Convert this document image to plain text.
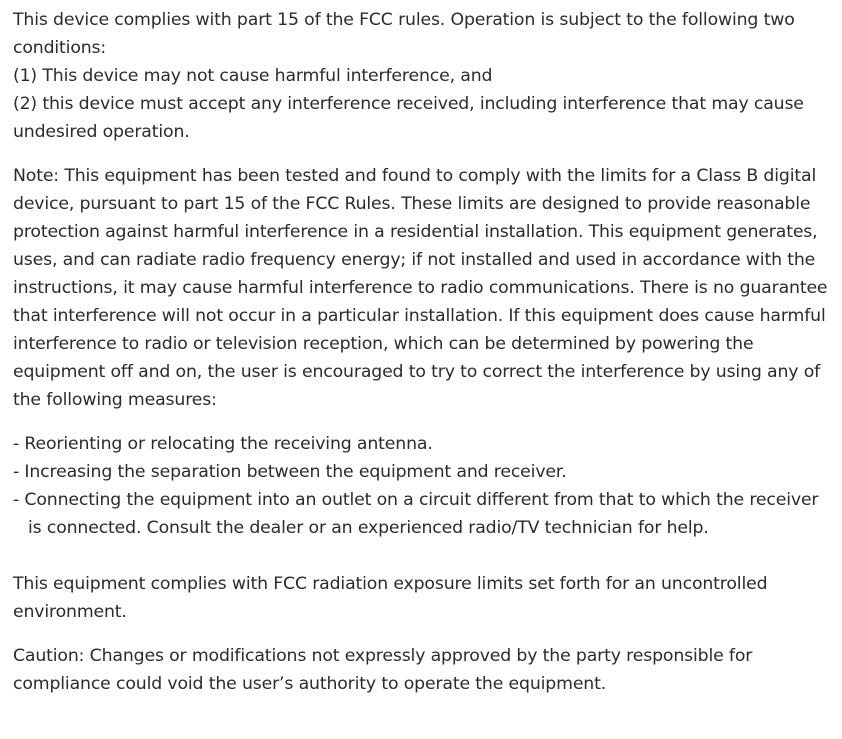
This device complies with part 15 of the FCC rules. Operation is subject to the following two conditions:

(1) This device may not cause harmful interference, and

(2) this device must accept any interference received, including interference that may cause undesired operation.

Note: This equipment has been tested and found to comply with the limits for a Class B digital device, pursuant to part 15 of the FCC Rules. These limits are designed to provide reasonable protection against harmful interference in a residential installation. This equipment generates, uses, and can radiate radio frequency energy; if not installed and used in accordance with the instructions, it may cause harmful interference to radio communications. There is no guarantee that interference will not occur in a particular installation. If this equipment does cause harmful interference to radio or television reception, which can be determined by powering the equipment off and on, the user is encouraged to try to correct the interference by using any of the following measures:

- Reorienting or relocating the receiving antenna.

- Increasing the separation between the equipment and receiver.

- Connecting the equipment into an outlet on a circuit different from that to which the receiver is connected. Consult the dealer or an experienced radio/TV technician for help.

This equipment complies with FCC radiation exposure limits set forth for an uncontrolled environment.

Caution: Changes or modifications not expressly approved by the party responsible for compliance could void the user’s authority to operate the equipment.
